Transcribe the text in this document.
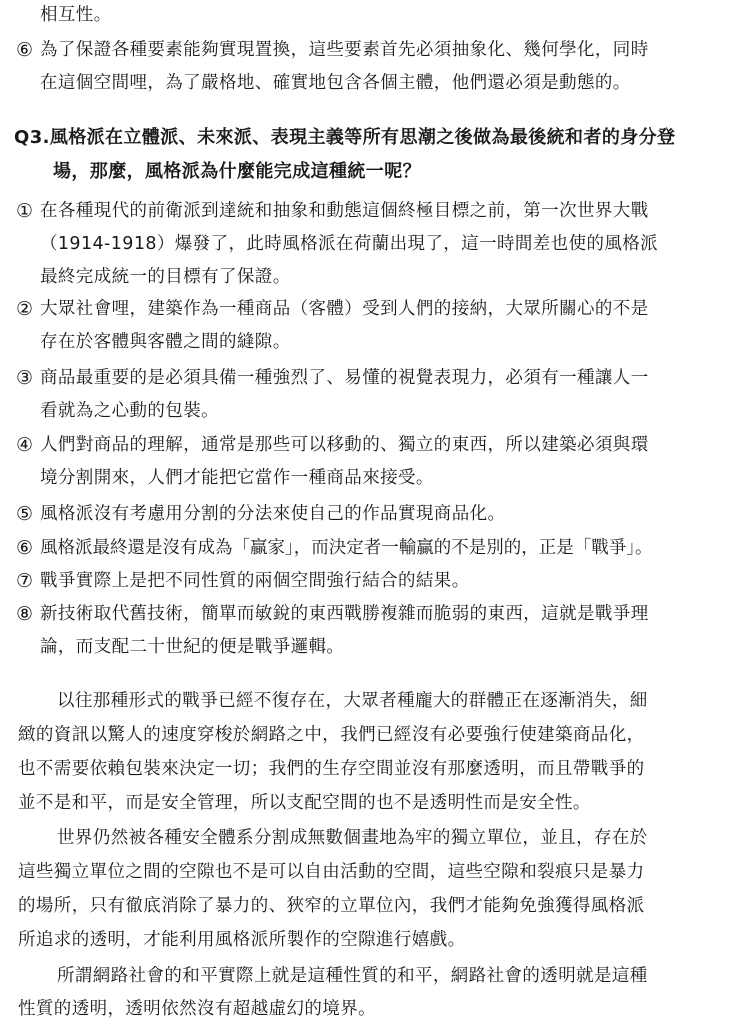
相互性。
⑥ 為了保證各種要素能夠實現置換，這些要素首先必須抽象化、幾何學化，同時
在這個空間哩，為了嚴格地、確實地包含各個主體，他們還必須是動態的。
Q3.風格派在立體派、未來派、表現主義等所有思潮之後做為最後統和者的身分登
場，那麼，風格派為什麼能完成這種統一呢？
① 在各種現代的前衛派到達統和抽象和動態這個終極目標之前，第一次世界大戰
（1914-1918）爆發了，此時風格派在荷蘭出現了，這一時間差也使的風格派
最終完成統一的目標有了保證。
② 大眾社會哩，建築作為一種商品（客體）受到人們的接納，大眾所關心的不是
存在於客體與客體之間的縫隙。
③ 商品最重要的是必須具備一種強烈了、易懂的視覺表現力，必須有一種讓人一
看就為之心動的包裝。
④ 人們對商品的理解，通常是那些可以移動的、獨立的東西，所以建築必須與環
境分割開來，人們才能把它當作一種商品來接受。
⑤ 風格派沒有考慮用分割的分法來使自己的作品實現商品化。
⑥ 風格派最終還是沒有成為「贏家」，而決定者一輸贏的不是別的，正是「戰爭」。
⑦ 戰爭實際上是把不同性質的兩個空間強行結合的結果。
⑧ 新技術取代舊技術，簡單而敏銳的東西戰勝複雜而脆弱的東西，這就是戰爭理
論，而支配二十世紀的便是戰爭邏輯。
以往那種形式的戰爭已經不復存在，大眾者種龐大的群體正在逐漸消失，細
緻的資訊以驚人的速度穿梭於網路之中，我們已經沒有必要強行使建築商品化，
也不需要依賴包裝來決定一切；我們的生存空間並沒有那麼透明，而且帶戰爭的
並不是和平，而是安全管理，所以支配空間的也不是透明性而是安全性。
世界仍然被各種安全體系分割成無數個畫地為牢的獨立單位，並且，存在於
這些獨立單位之間的空隙也不是可以自由活動的空間，這些空隙和裂痕只是暴力
的場所，只有徹底消除了暴力的、狹窄的立單位內，我們才能夠免強獲得風格派
所追求的透明，才能利用風格派所製作的空隙進行嬉戲。
所謂網路社會的和平實際上就是這種性質的和平，網路社會的透明就是這種
性質的透明，透明依然沒有超越虛幻的境界。
